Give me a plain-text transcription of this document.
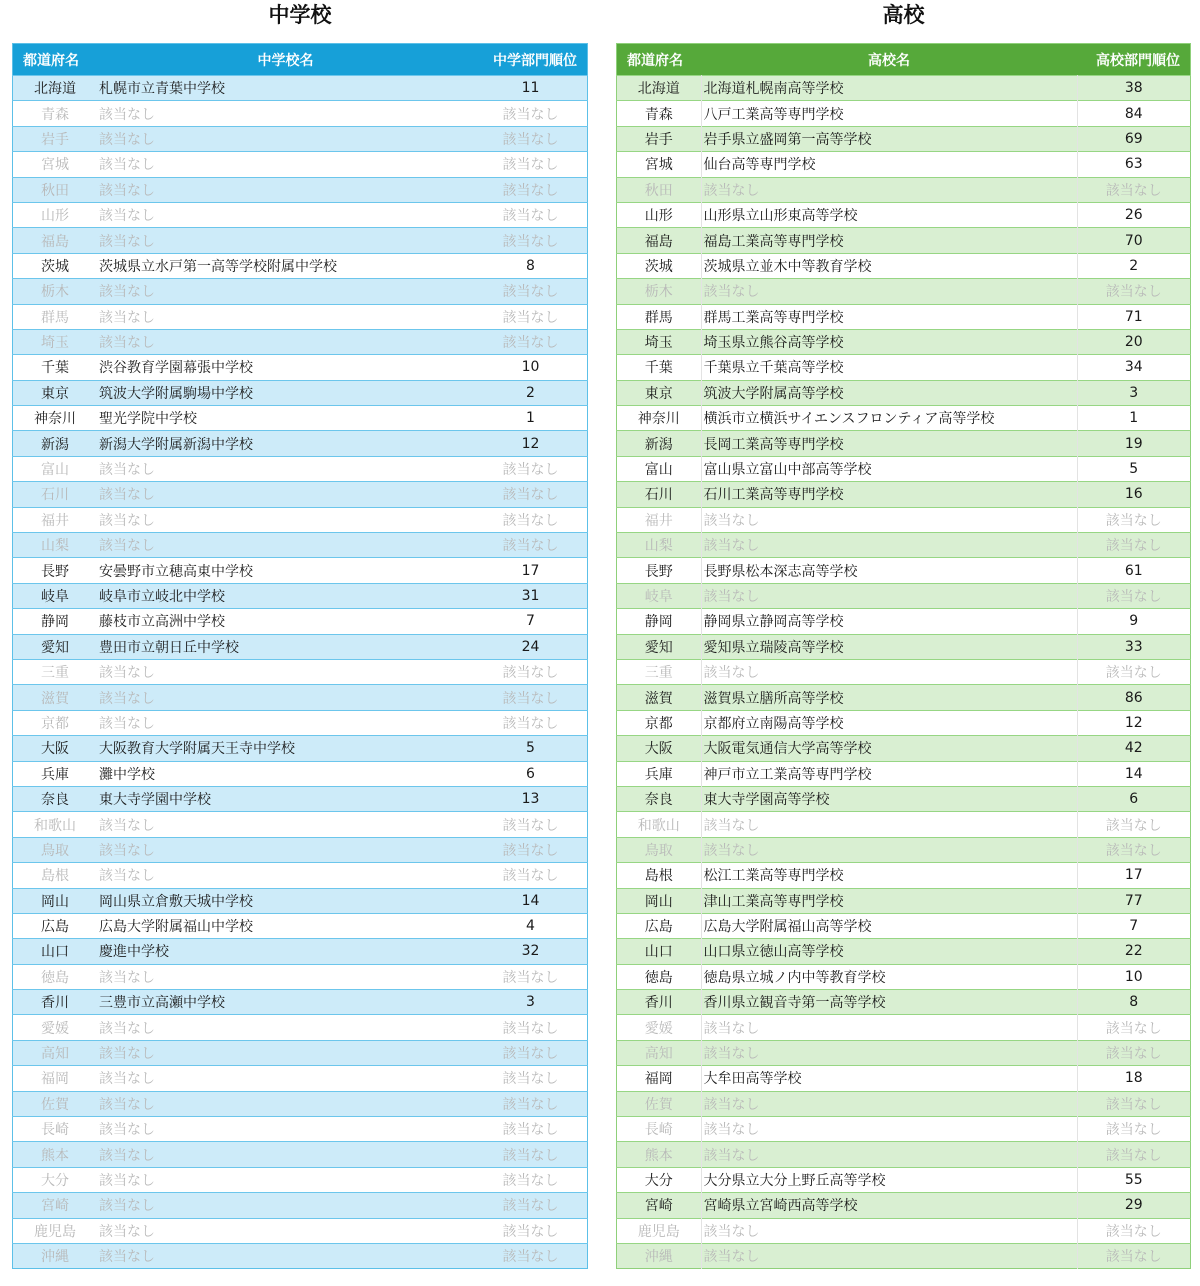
中学校
都道府名	中学校名	中学部門順位
北海道	札幌市立青葉中学校	11
青森	該当なし	該当なし
岩手	該当なし	該当なし
宮城	該当なし	該当なし
秋田	該当なし	該当なし
山形	該当なし	該当なし
福島	該当なし	該当なし
茨城	茨城県立水戸第一高等学校附属中学校	8
栃木	該当なし	該当なし
群馬	該当なし	該当なし
埼玉	該当なし	該当なし
千葉	渋谷教育学園幕張中学校	10
東京	筑波大学附属駒場中学校	2
神奈川	聖光学院中学校	1
新潟	新潟大学附属新潟中学校	12
富山	該当なし	該当なし
石川	該当なし	該当なし
福井	該当なし	該当なし
山梨	該当なし	該当なし
長野	安曇野市立穂高東中学校	17
岐阜	岐阜市立岐北中学校	31
静岡	藤枝市立高洲中学校	7
愛知	豊田市立朝日丘中学校	24
三重	該当なし	該当なし
滋賀	該当なし	該当なし
京都	該当なし	該当なし
大阪	大阪教育大学附属天王寺中学校	5
兵庫	灘中学校	6
奈良	東大寺学園中学校	13
和歌山	該当なし	該当なし
鳥取	該当なし	該当なし
島根	該当なし	該当なし
岡山	岡山県立倉敷天城中学校	14
広島	広島大学附属福山中学校	4
山口	慶進中学校	32
徳島	該当なし	該当なし
香川	三豊市立高瀬中学校	3
愛媛	該当なし	該当なし
高知	該当なし	該当なし
福岡	該当なし	該当なし
佐賀	該当なし	該当なし
長崎	該当なし	該当なし
熊本	該当なし	該当なし
大分	該当なし	該当なし
宮崎	該当なし	該当なし
鹿児島	該当なし	該当なし
沖縄	該当なし	該当なし
高校
都道府名	高校名	高校部門順位
北海道	北海道札幌南高等学校	38
青森	八戸工業高等専門学校	84
岩手	岩手県立盛岡第一高等学校	69
宮城	仙台高等専門学校	63
秋田	該当なし	該当なし
山形	山形県立山形東高等学校	26
福島	福島工業高等専門学校	70
茨城	茨城県立並木中等教育学校	2
栃木	該当なし	該当なし
群馬	群馬工業高等専門学校	71
埼玉	埼玉県立熊谷高等学校	20
千葉	千葉県立千葉高等学校	34
東京	筑波大学附属高等学校	3
神奈川	横浜市立横浜サイエンスフロンティア高等学校	1
新潟	長岡工業高等専門学校	19
富山	富山県立富山中部高等学校	5
石川	石川工業高等専門学校	16
福井	該当なし	該当なし
山梨	該当なし	該当なし
長野	長野県松本深志高等学校	61
岐阜	該当なし	該当なし
静岡	静岡県立静岡高等学校	9
愛知	愛知県立瑞陵高等学校	33
三重	該当なし	該当なし
滋賀	滋賀県立膳所高等学校	86
京都	京都府立南陽高等学校	12
大阪	大阪電気通信大学高等学校	42
兵庫	神戸市立工業高等専門学校	14
奈良	東大寺学園高等学校	6
和歌山	該当なし	該当なし
鳥取	該当なし	該当なし
島根	松江工業高等専門学校	17
岡山	津山工業高等専門学校	77
広島	広島大学附属福山高等学校	7
山口	山口県立徳山高等学校	22
徳島	徳島県立城ノ内中等教育学校	10
香川	香川県立観音寺第一高等学校	8
愛媛	該当なし	該当なし
高知	該当なし	該当なし
福岡	大牟田高等学校	18
佐賀	該当なし	該当なし
長崎	該当なし	該当なし
熊本	該当なし	該当なし
大分	大分県立大分上野丘高等学校	55
宮崎	宮崎県立宮崎西高等学校	29
鹿児島	該当なし	該当なし
沖縄	該当なし	該当なし
